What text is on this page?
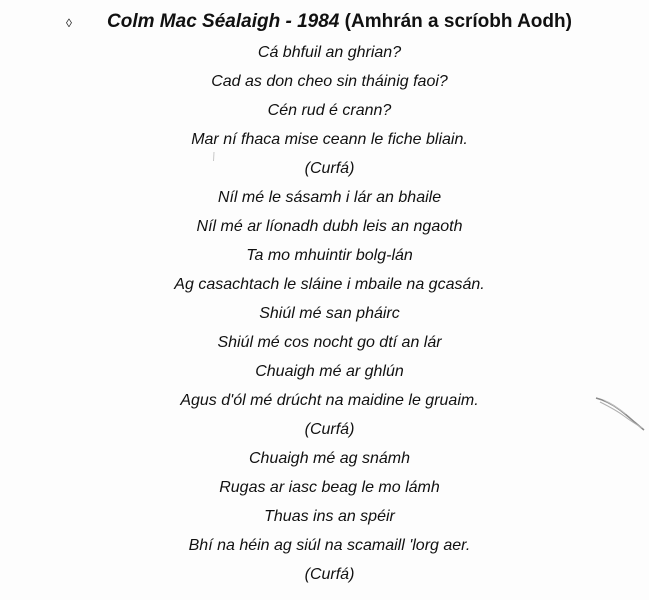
◊	Colm Mac Séalaigh - 1984 (Amhrán a scríobh Aodh)
Cá bhfuil an ghrian?
Cad as don cheo sin tháinig faoi?
Cén rud é crann?
Mar ní fhaca mise ceann le fiche bliain.
(Curfá)
Níl mé le sásamh i lár an bhaile
Níl mé ar líonadh dubh leis an ngaoth
Ta mo mhuintir bolg-lán
Ag casachtach le sláine i mbaile na gcasán.
Shiúl mé san pháirc
Shiúl mé cos nocht go dtí an lár
Chuaigh mé ar ghlún
Agus d'ól mé drúcht na maidine le gruaim.
(Curfá)
Chuaigh mé ag snámh
Rugas ar iasc beag le mo lámh
Thuas ins an spéir
Bhí na héin ag siúl na scamaill 'lorg aer.
(Curfá)
